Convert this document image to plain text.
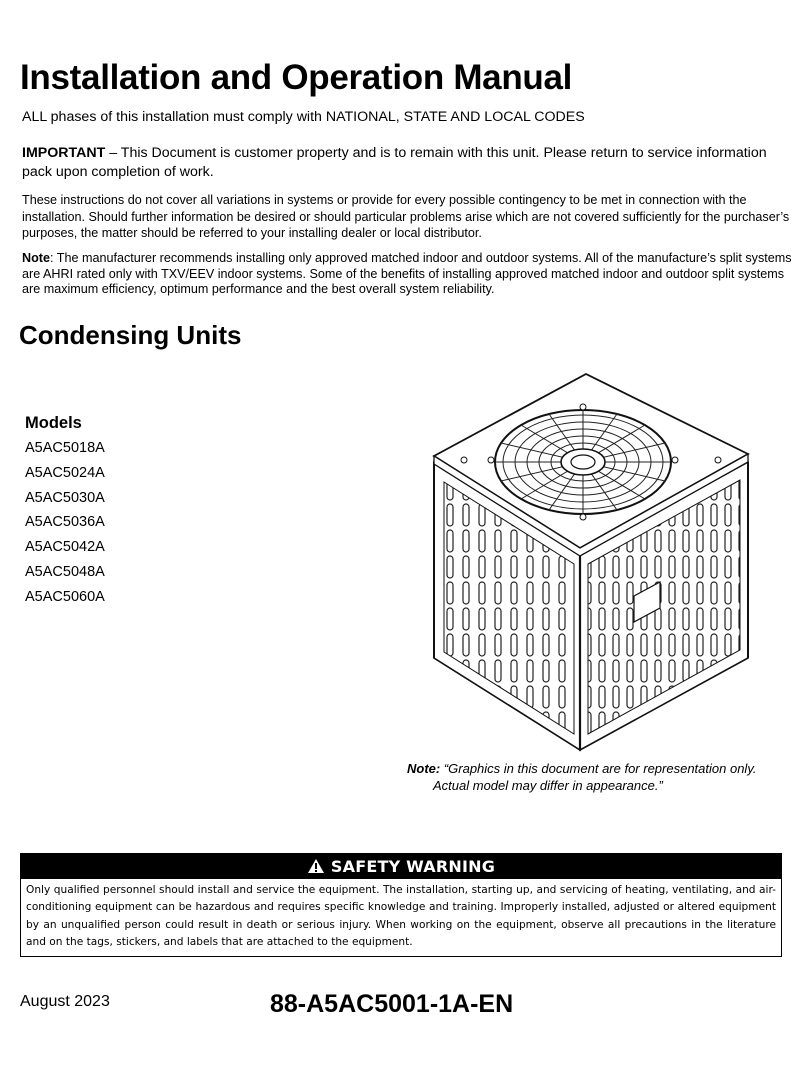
Installation and Operation Manual
ALL phases of this installation must comply with NATIONAL, STATE AND LOCAL CODES
IMPORTANT – This Document is customer property and is to remain with this unit. Please return to service information pack upon completion of work.
These instructions do not cover all variations in systems or provide for every possible contingency to be met in connection with the installation. Should further information be desired or should particular problems arise which are not covered sufficiently for the purchaser’s purposes, the matter should be referred to your installing dealer or local distributor.
Note: The manufacturer recommends installing only approved matched indoor and outdoor systems. All of the manufacture’s split systems are AHRI rated only with TXV/EEV indoor systems. Some of the benefits of installing approved matched indoor and outdoor split systems are maximum efficiency, optimum performance and the best overall system reliability.
Condensing Units
Models
A5AC5018A
A5AC5024A
A5AC5030A
A5AC5036A
A5AC5042A
A5AC5048A
A5AC5060A
Note: “Graphics in this document are for representation only.
Actual model may differ in appearance.”
SAFETY WARNING
Only qualified personnel should install and service the equipment. The installation, starting up, and servicing of heating, ventilating, and air-conditioning equipment can be hazardous and requires specific knowledge and training. Improperly installed, adjusted or altered equipment by an unqualified person could result in death or serious injury. When working on the equipment, observe all precautions in the literature and on the tags, stickers, and labels that are attached to the equipment.
August 2023	88-A5AC5001-1A-EN
